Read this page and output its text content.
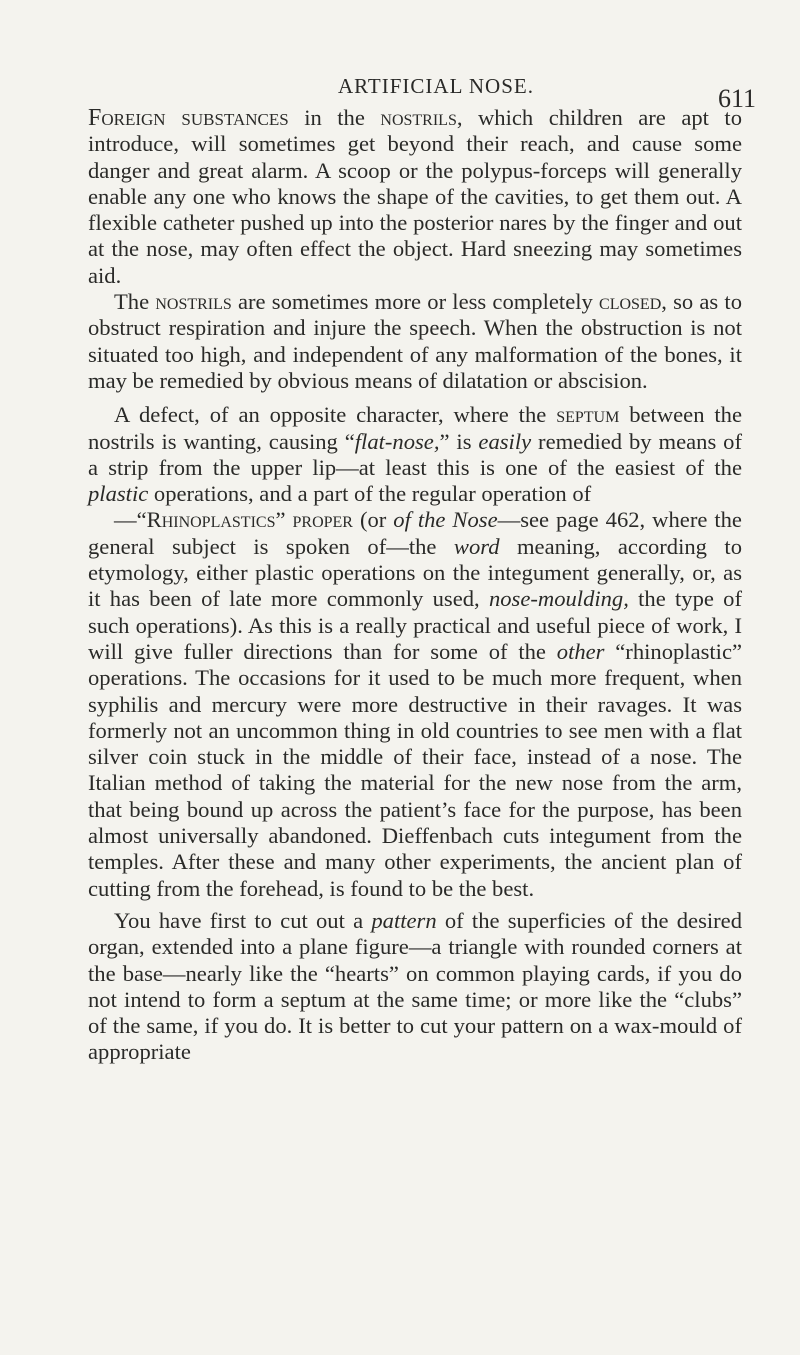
ARTIFICIAL NOSE.	611

Foreign substances in the nostrils, which children are apt to introduce, will sometimes get beyond their reach, and cause some danger and great alarm. A scoop or the polypus-forceps will generally enable any one who knows the shape of the cavities, to get them out. A flexible catheter pushed up into the posterior nares by the finger and out at the nose, may often effect the object. Hard sneezing may sometimes aid.

The nostrils are sometimes more or less completely closed, so as to obstruct respiration and injure the speech. When the obstruction is not situated too high, and independent of any malformation of the bones, it may be remedied by obvious means of dilatation or abscision.

A defect, of an opposite character, where the septum between the nostrils is wanting, causing “flat-nose,” is easily remedied by means of a strip from the upper lip—at least this is one of the easiest of the plastic operations, and a part of the regular operation of

—“Rhinoplastics” proper (or of the Nose—see page 462, where the general subject is spoken of—the word meaning, according to etymology, either plastic operations on the integument generally, or, as it has been of late more commonly used, nose-moulding, the type of such operations). As this is a really practical and useful piece of work, I will give fuller directions than for some of the other “rhinoplastic” operations. The occasions for it used to be much more frequent, when syphilis and mercury were more destructive in their ravages. It was formerly not an uncommon thing in old countries to see men with a flat silver coin stuck in the middle of their face, instead of a nose. The Italian method of taking the material for the new nose from the arm, that being bound up across the patient’s face for the purpose, has been almost universally abandoned. Dieffenbach cuts integument from the temples. After these and many other experiments, the ancient plan of cutting from the forehead, is found to be the best.

You have first to cut out a pattern of the superficies of the desired organ, extended into a plane figure—a triangle with rounded corners at the base—nearly like the “hearts” on common playing cards, if you do not intend to form a septum at the same time; or more like the “clubs” of the same, if you do. It is better to cut your pattern on a wax-mould of appropriate
